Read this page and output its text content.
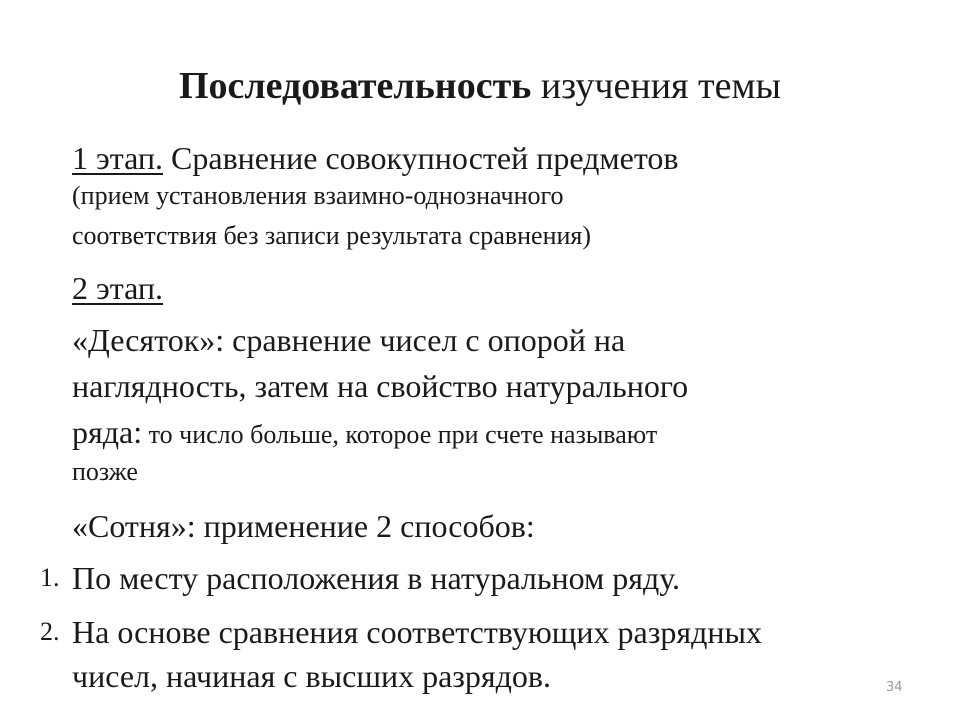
Последовательность изучения темы
1 этап. Сравнение совокупностей предметов
(прием установления взаимно-однозначного
соответствия без записи результата сравнения)
2 этап.
«Десяток»: сравнение чисел с опорой на
наглядность, затем на свойство натурального
ряда: то число больше, которое при счете называют
позже
«Сотня»: применение 2 способов:
1. По месту расположения в натуральном ряду.
2. На основе сравнения соответствующих разрядных
чисел, начиная с высших разрядов.	34
